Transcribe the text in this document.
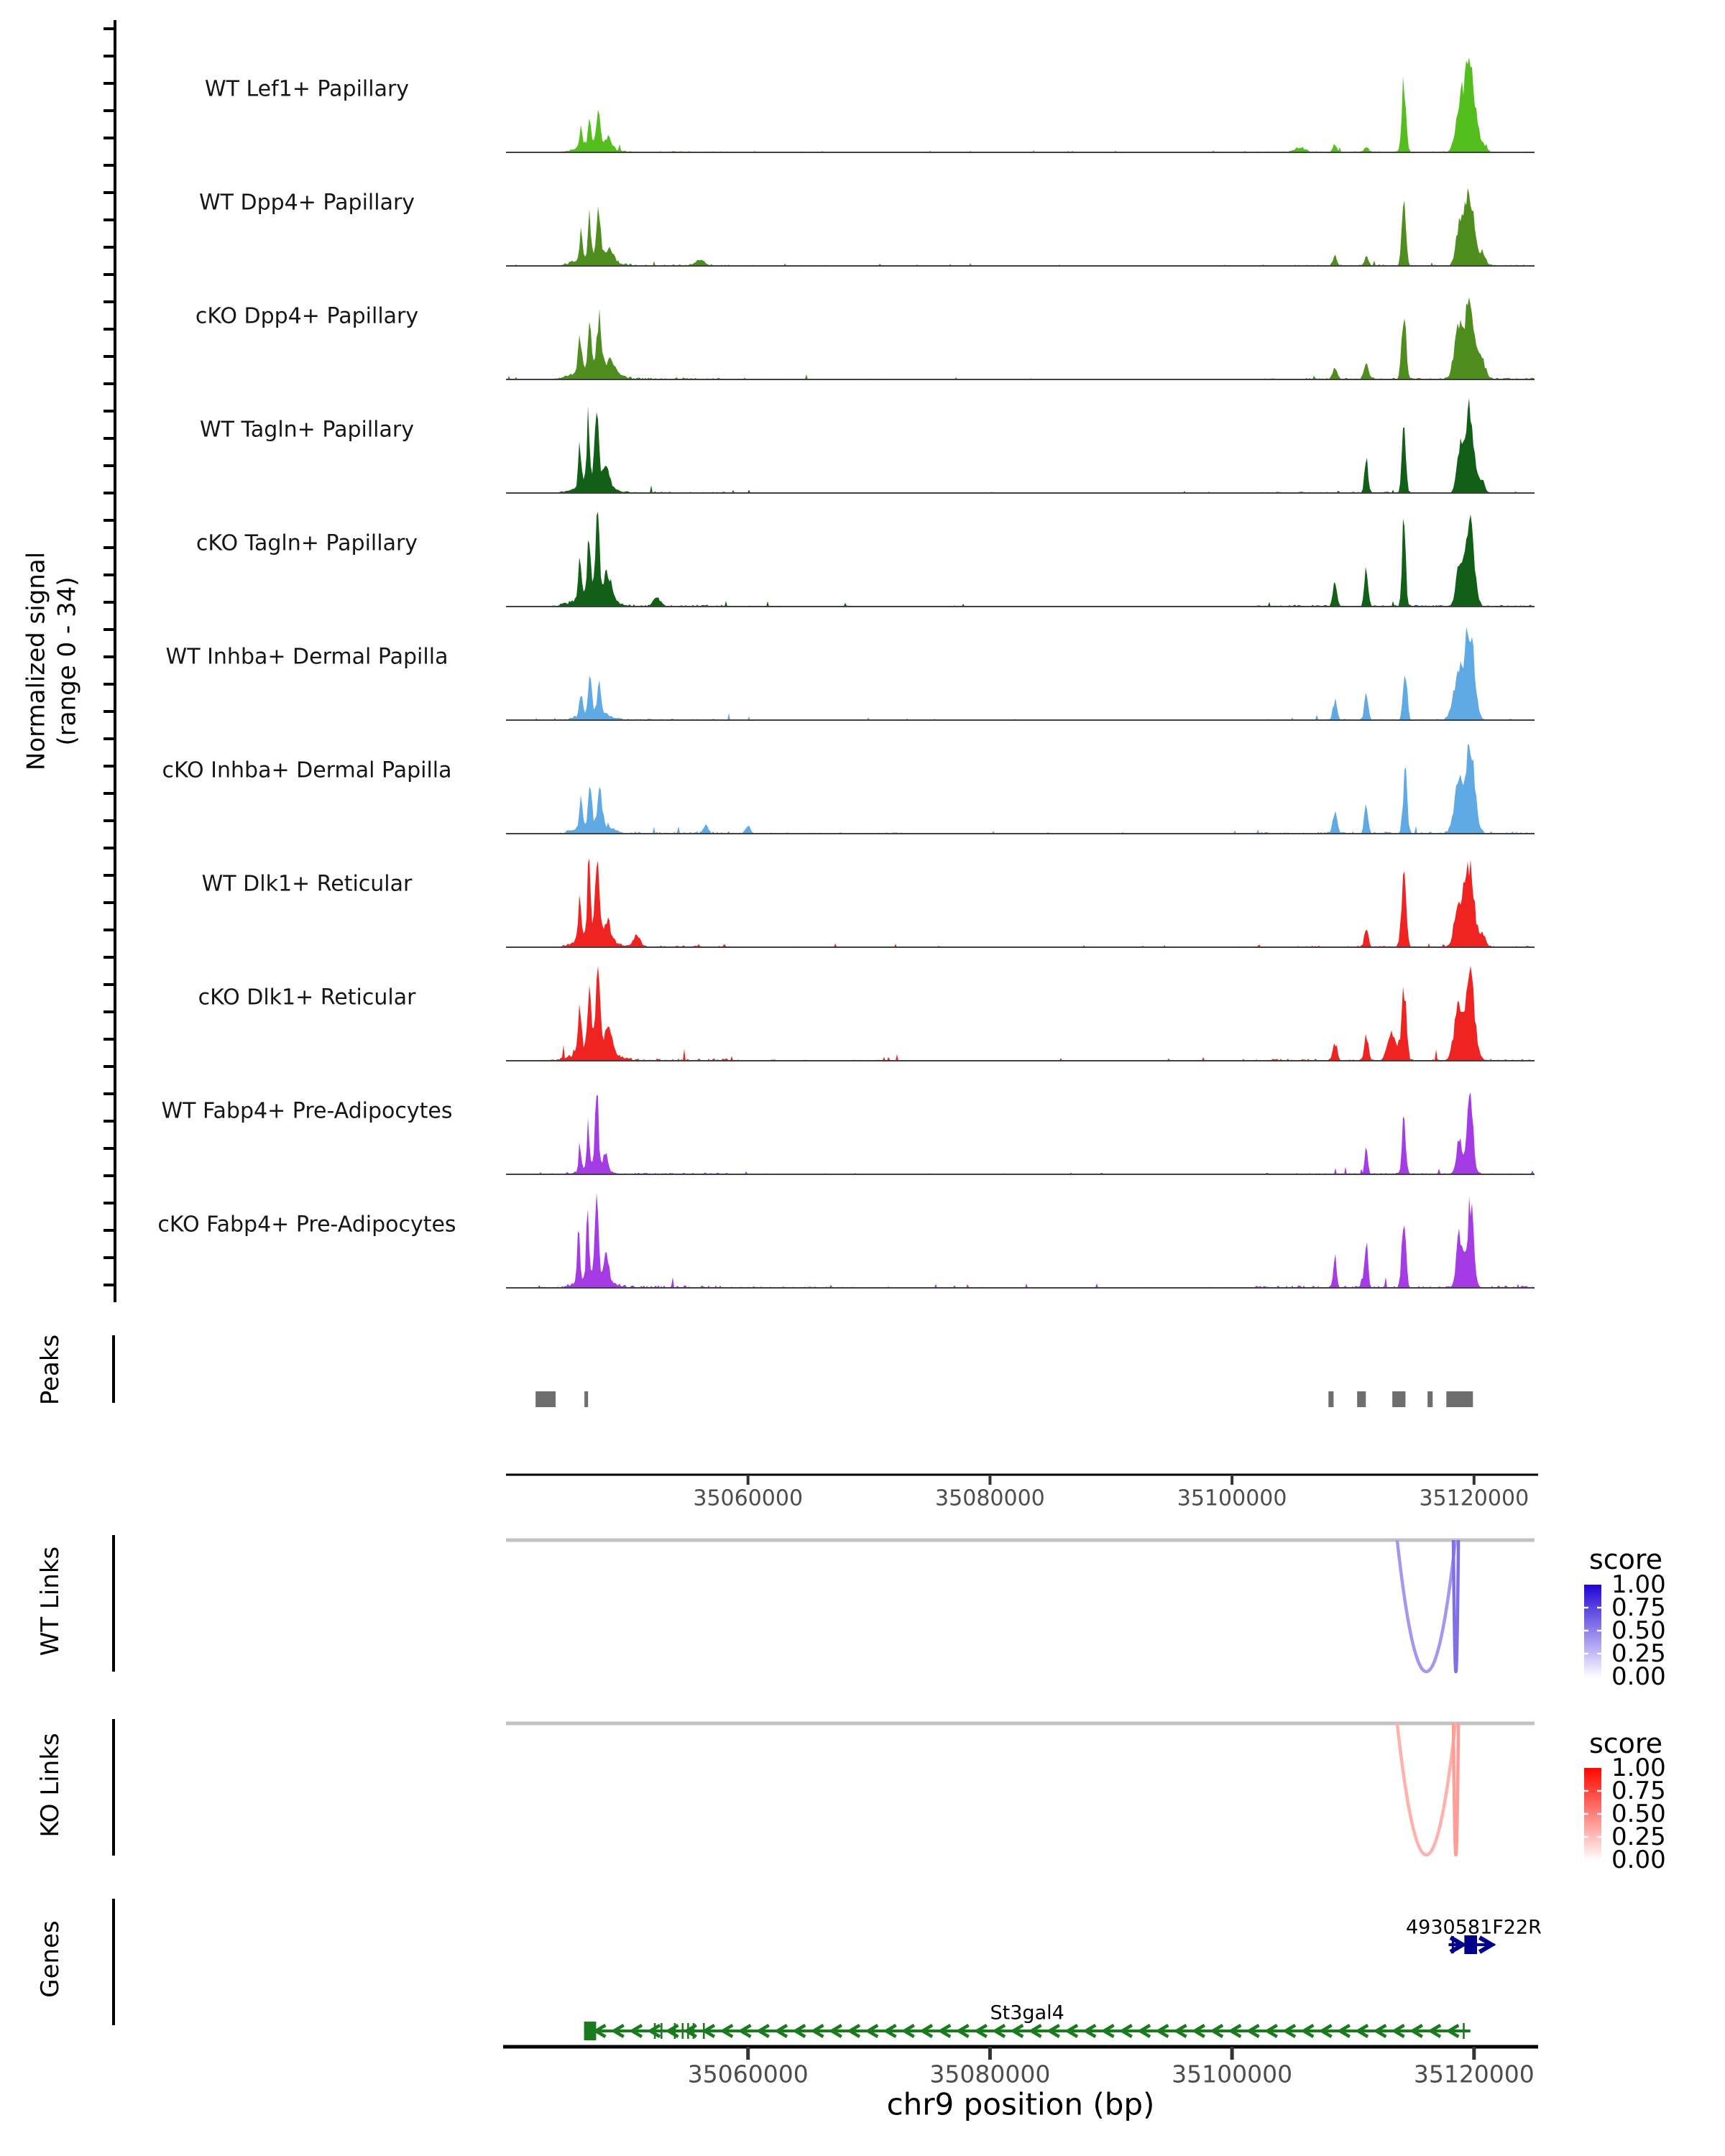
Normalized signal (range 0 - 34)
Peaks
WT Links
KO Links
Genes
score
score
chr9 position (bp)
WT Lef1+ Papillary
WT Dpp4+ Papillary
cKO Dpp4+ Papillary
WT Tagln+ Papillary
cKO Tagln+ Papillary
WT Inhba+ Dermal Papilla
cKO Inhba+ Dermal Papilla
WT Dlk1+ Reticular
cKO Dlk1+ Reticular
WT Fabp4+ Pre-Adipocytes
cKO Fabp4+ Pre-Adipocytes
35060000	35080000	35100000	35120000
1.00
0.75
0.50
0.25
0.00
1.00
0.75
0.50
0.25
0.00
4930581F22R
St3gal4
35060000	35080000	35100000	35120000
